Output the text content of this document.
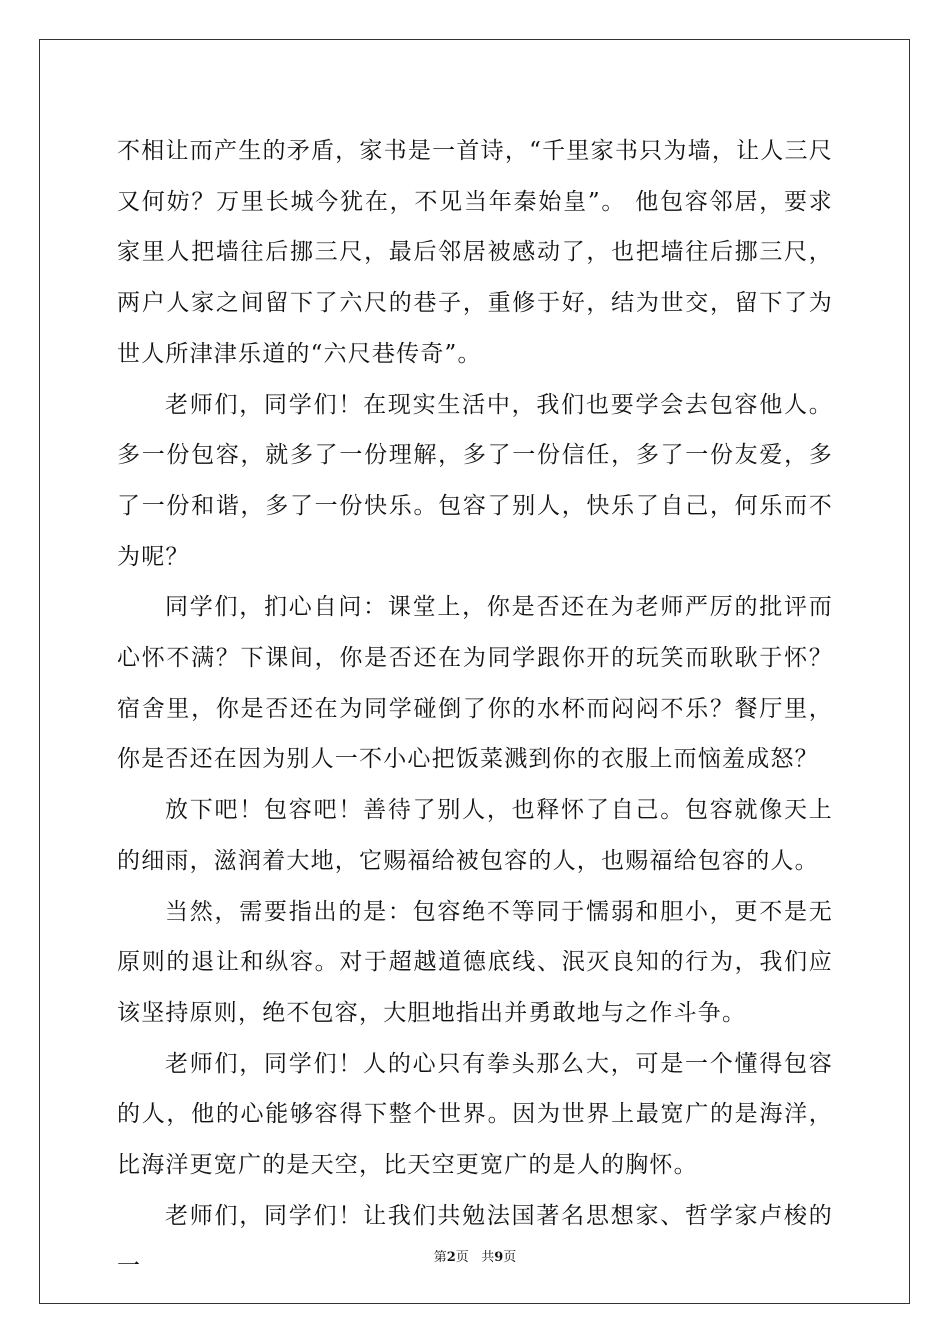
不相让而产生的矛盾，家书是一首诗，“千里家书只为墙，让人三尺又何妨？万里长城今犹在，不见当年秦始皇”。 他包容邻居，要求家里人把墙往后挪三尺，最后邻居被感动了，也把墙往后挪三尺，两户人家之间留下了六尺的巷子，重修于好，结为世交，留下了为世人所津津乐道的“六尺巷传奇”。

老师们，同学们！在现实生活中，我们也要学会去包容他人。多一份包容，就多了一份理解，多了一份信任，多了一份友爱，多了一份和谐，多了一份快乐。包容了别人，快乐了自己，何乐而不为呢？

同学们，扪心自问：课堂上，你是否还在为老师严厉的批评而心怀不满？下课间，你是否还在为同学跟你开的玩笑而耿耿于怀？宿舍里，你是否还在为同学碰倒了你的水杯而闷闷不乐？餐厅里，你是否还在因为别人一不小心把饭菜溅到你的衣服上而恼羞成怒？

放下吧！包容吧！善待了别人，也释怀了自己。包容就像天上的细雨，滋润着大地，它赐福给被包容的人，也赐福给包容的人。

当然，需要指出的是：包容绝不等同于懦弱和胆小，更不是无原则的退让和纵容。对于超越道德底线、泯灭良知的行为，我们应该坚持原则，绝不包容，大胆地指出并勇敢地与之作斗争。

老师们，同学们！人的心只有拳头那么大，可是一个懂得包容的人，他的心能够容得下整个世界。因为世界上最宽广的是海洋，比海洋更宽广的是天空，比天空更宽广的是人的胸怀。

老师们，同学们！让我们共勉法国著名思想家、哲学家卢梭的一	第2页 共9页
